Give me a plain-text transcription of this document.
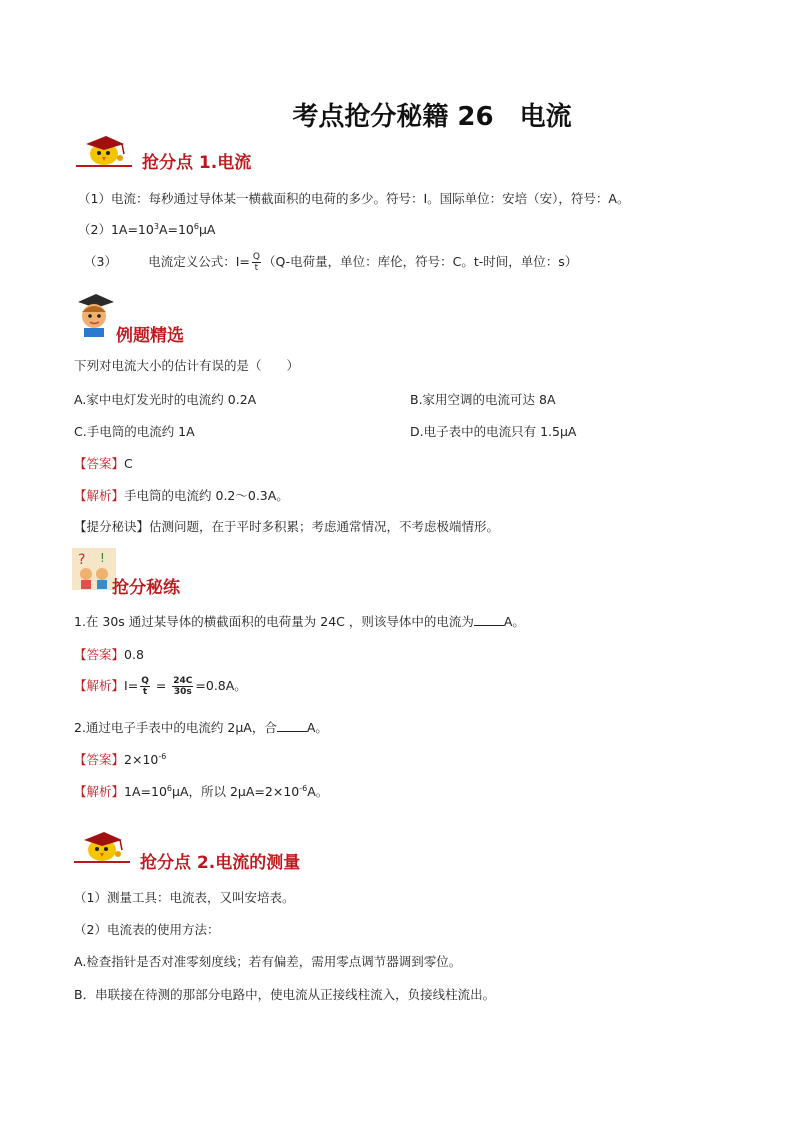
考点抢分秘籍 26　电流
抢分点 1.电流
（1）电流：每秒通过导体某一横截面积的电荷的多少。符号：I。国际单位：安培（安），符号：A。
$(2)1A=10^3A=10^6\mu A$
（3）　　　电流定义公式：$I= \frac{Q}{t} (Q-$电荷量，单位：库伦，符号：C。t-时间，单位：s）
例题精选
下列对电流大小的估计有误的是（　　）
A.家中电灯发光时的电流约 0.2A	B.家用空调的电流可达 8A
C.手电筒的电流约 1A	D.电子表中的电流只有 1.5μA
【答案】C
【解析】手电筒的电流约 0.2～0.3A。
【提分秘诀】估测问题，在于平时多积累；考虑通常情况，不考虑极端情形。
? !
抢分秘练
1.在 30s 通过某导体的横截面积的电荷量为 24C ，则该导体中的电流为 A。
【答案】0.8
【解析】$I= \frac{Q}{t} = \frac{24C}{30s} =0.8A$。
2.通过电子手表中的电流约 2μA，合 A。
【答案】$2\times 10^{-6}$
【解析】$1A=10^6\mu A$，所以 $2\mu A=2\times 10^{-6}A$。
抢分点 2.电流的测量
（1）测量工具：电流表，又叫安培表。
（2）电流表的使用方法：
A.检查指针是否对准零刻度线；若有偏差，需用零点调节器调到零位。
B．串联接在待测的那部分电路中，使电流从正接线柱流入，负接线柱流出。
